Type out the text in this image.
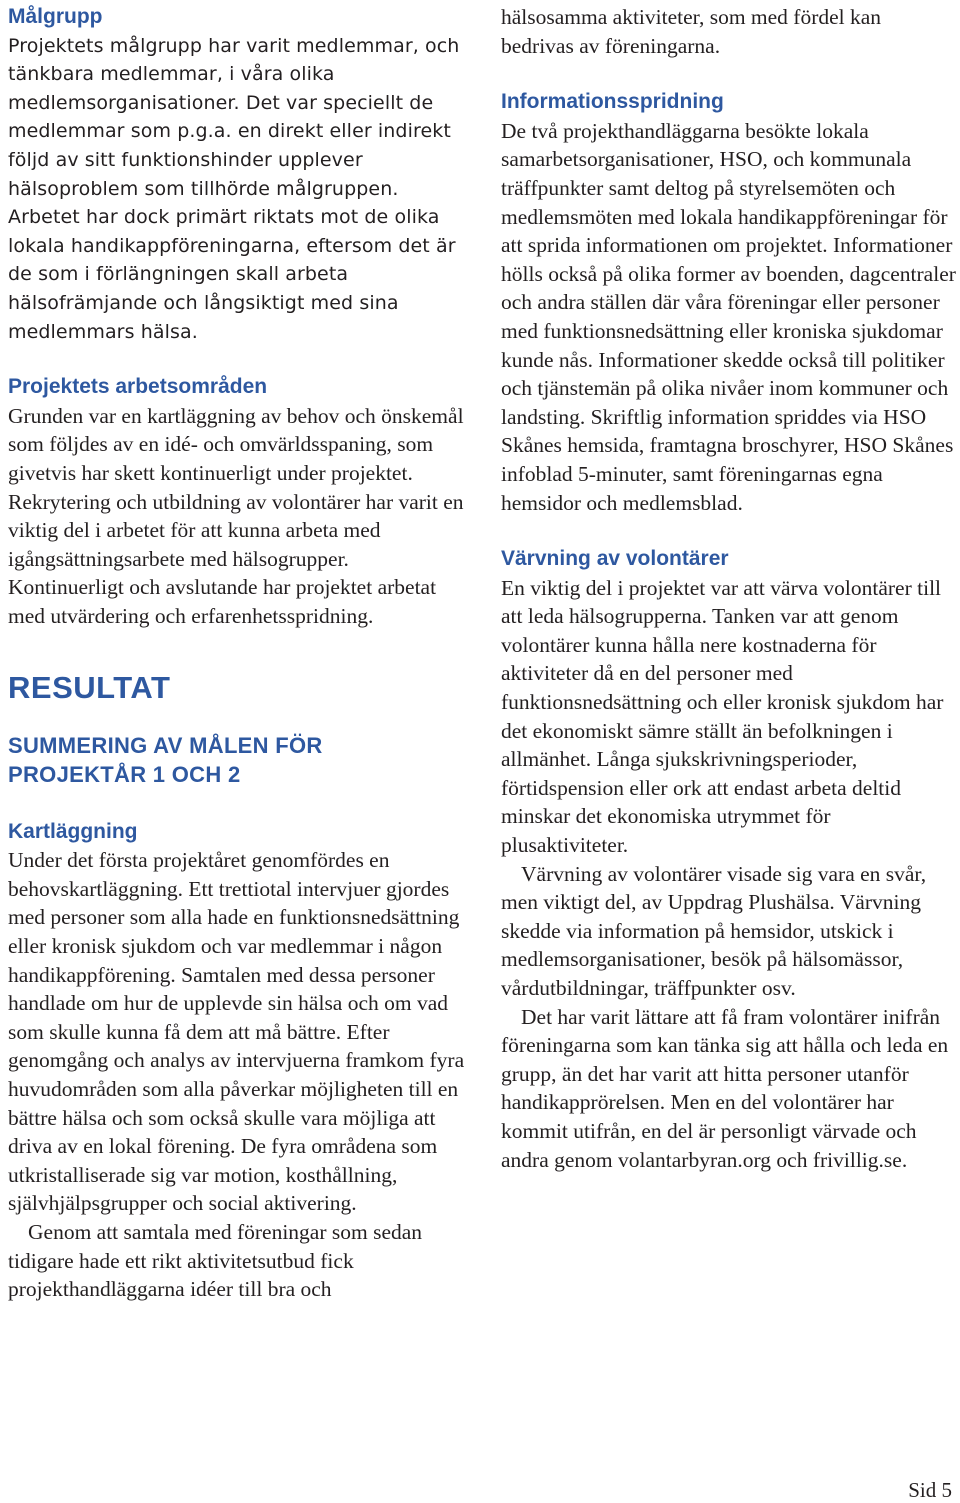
Målgrupp

Projektets målgrupp har varit medlemmar, och tänkbara medlemmar, i våra olika medlemsorganisationer. Det var speciellt de medlemmar som p.g.a. en direkt eller indirekt följd av sitt funktionshinder upplever hälsoproblem som tillhörde målgruppen. Arbetet har dock primärt riktats mot de olika lokala handikappföreningarna, eftersom det är de som i förlängningen skall arbeta hälsofrämjande och långsiktigt med sina medlemmars hälsa.

Projektets arbetsområden

Grunden var en kartläggning av behov och önskemål som följdes av en idé- och omvärldsspaning, som givetvis har skett kontinuerligt under projektet. Rekrytering och utbildning av volontärer har varit en viktig del i arbetet för att kunna arbeta med igångsättningsarbete med hälsogrupper. Kontinuerligt och avslutande har projektet arbetat med utvärdering och erfarenhetsspridning.

RESULTAT
SUMMERING AV MÅLEN FÖR PROJEKTÅR 1 OCH 2
Kartläggning

Under det första projektåret genomfördes en behovskartläggning. Ett trettiotal intervjuer gjordes med personer som alla hade en funktionsnedsättning eller kronisk sjukdom och var medlemmar i någon handikappförening. Samtalen med dessa personer handlade om hur de upplevde sin hälsa och om vad som skulle kunna få dem att må bättre. Efter genomgång och analys av intervjuerna framkom fyra huvudområden som alla påverkar möjligheten till en bättre hälsa och som också skulle vara möjliga att driva av en lokal förening. De fyra områdena som utkristalliserade sig var motion, kosthållning, självhjälpsgrupper och social aktivering.

Genom att samtala med föreningar som sedan tidigare hade ett rikt aktivitetsutbud fick projekthandläggarna idéer till bra och

hälsosamma aktiviteter, som med fördel kan bedrivas av föreningarna.

Informationsspridning

De två projekthandläggarna besökte lokala samarbetsorganisationer, HSO, och kommunala träffpunkter samt deltog på styrelsemöten och medlemsmöten med lokala handikappföreningar för att sprida informationen om projektet. Informationer hölls också på olika former av boenden, dagcentraler och andra ställen där våra föreningar eller personer med funktionsnedsättning eller kroniska sjukdomar kunde nås. Informationer skedde också till politiker och tjänstemän på olika nivåer inom kommuner och landsting. Skriftlig information spriddes via HSO Skånes hemsida, framtagna broschyrer, HSO Skånes infoblad 5-minuter, samt föreningarnas egna hemsidor och medlemsblad.

Värvning av volontärer

En viktig del i projektet var att värva volontärer till att leda hälsogrupperna. Tanken var att genom volontärer kunna hålla nere kostnaderna för aktiviteter då en del personer med funktionsnedsättning och eller kronisk sjukdom har det ekonomiskt sämre ställt än befolkningen i allmänhet. Långa sjukskrivningsperioder, förtidspension eller ork att endast arbeta deltid minskar det ekonomiska utrymmet för plusaktiviteter.

Värvning av volontärer visade sig vara en svår, men viktigt del, av Uppdrag Plushälsa. Värvning skedde via information på hemsidor, utskick i medlemsorganisationer, besök på hälsomässor, vårdutbildningar, träffpunkter osv.

Det har varit lättare att få fram volontärer inifrån föreningarna som kan tänka sig att hålla och leda en grupp, än det har varit att hitta personer utanför handikapprörelsen. Men en del volontärer har kommit utifrån, en del är personligt värvade och andra genom volantarbyran.org och frivillig.se.

Sid 5
